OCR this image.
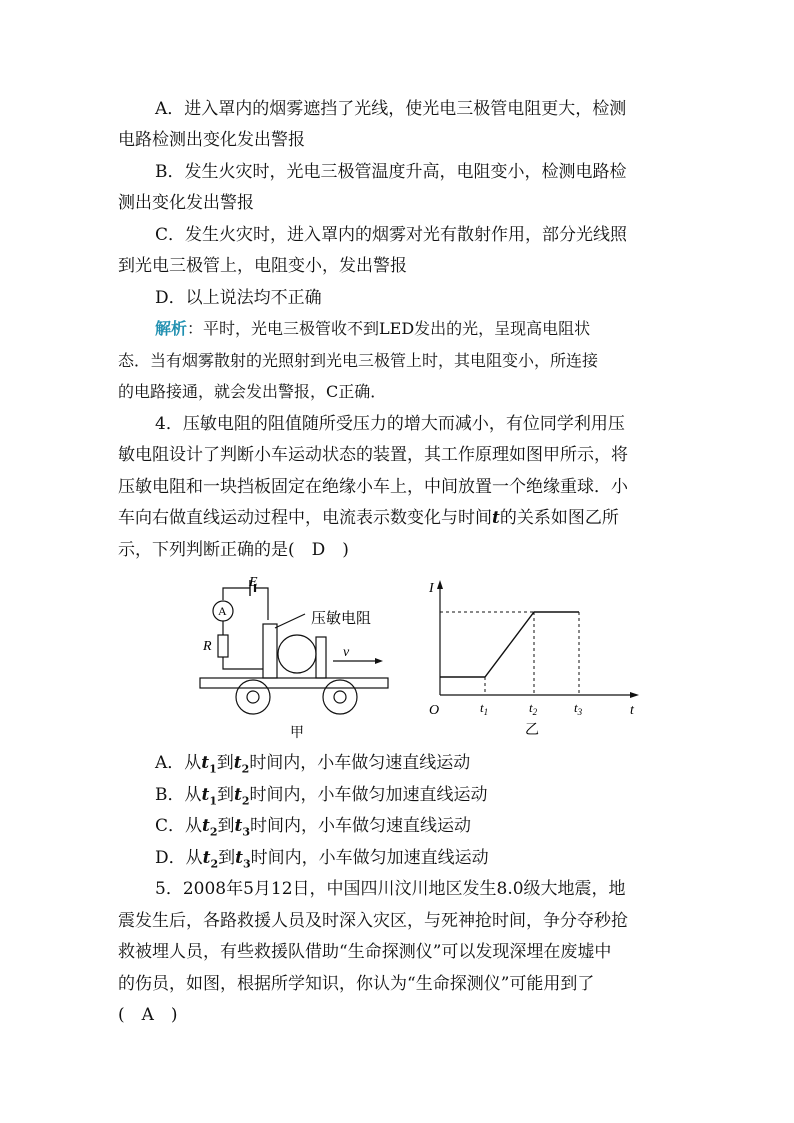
A．进入罩内的烟雾遮挡了光线，使光电三极管电阻更大，检测
电路检测出变化发出警报
B．发生火灾时，光电三极管温度升高，电阻变小，检测电路检
测出变化发出警报
C．发生火灾时，进入罩内的烟雾对光有散射作用，部分光线照
到光电三极管上，电阻变小，发出警报
D．以上说法均不正确
解析：平时，光电三极管收不到LED发出的光，呈现高电阻状
态．当有烟雾散射的光照射到光电三极管上时，其电阻变小，所连接
的电路接通，就会发出警报，C正确．
4．压敏电阻的阻值随所受压力的增大而减小，有位同学利用压
敏电阻设计了判断小车运动状态的装置，其工作原理如图甲所示，将
压敏电阻和一块挡板固定在绝缘小车上，中间放置一个绝缘重球．小
车向右做直线运动过程中，电流表示数变化与时间t的关系如图乙所
示，下列判断正确的是(　D　)
A
E
R
压敏电阻
v
甲
I
t
O	$t_1$	$t_2$	$t_3$
乙
A．从$t_1$到$t_2$时间内，小车做匀速直线运动
B．从$t_1$到$t_2$时间内，小车做匀加速直线运动
C．从$t_2$到$t_3$时间内，小车做匀速直线运动
D．从$t_2$到$t_3$时间内，小车做匀加速直线运动
5．2008年5月12日，中国四川汶川地区发生8.0级大地震，地
震发生后，各路救援人员及时深入灾区，与死神抢时间，争分夺秒抢
救被埋人员，有些救援队借助“生命探测仪”可以发现深埋在废墟中
的伤员，如图，根据所学知识，你认为“生命探测仪”可能用到了
(　A　)
